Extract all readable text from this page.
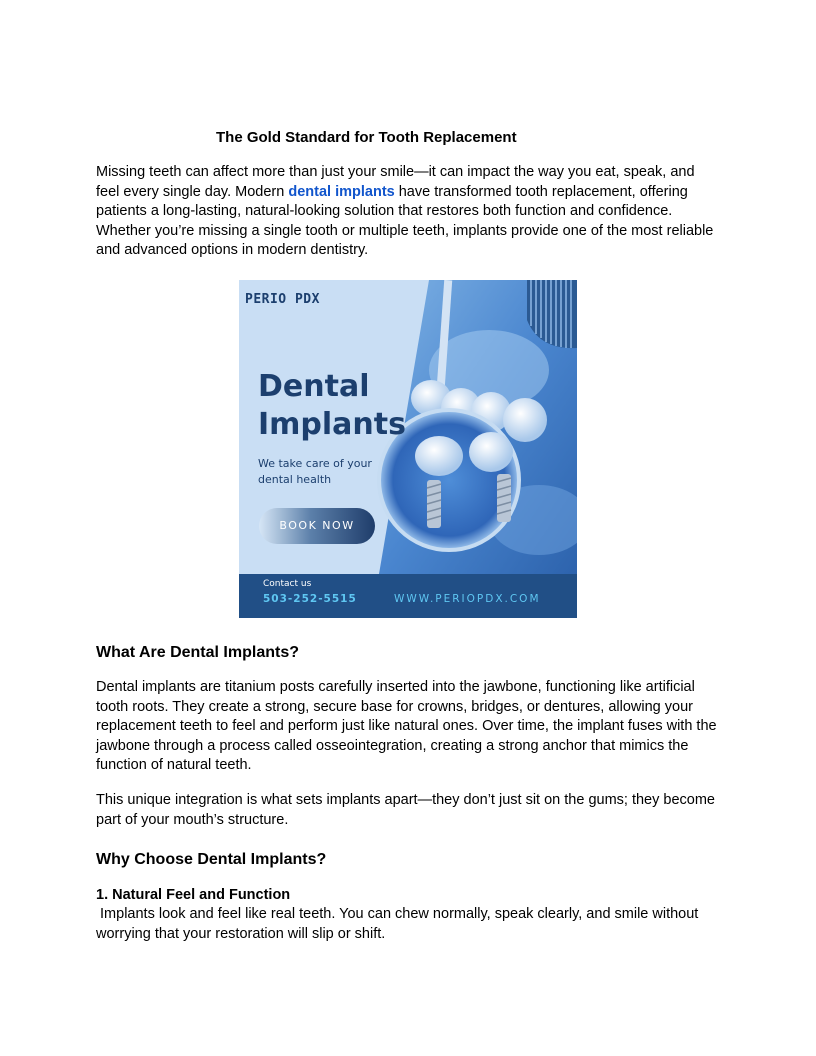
The Gold Standard for Tooth Replacement

Missing teeth can affect more than just your smile—it can impact the way you eat, speak, and feel every single day. Modern dental implants have transformed tooth replacement, offering patients a long-lasting, natural-looking solution that restores both function and confidence. Whether you’re missing a single tooth or multiple teeth, implants provide one of the most reliable and advanced options in modern dentistry.

What Are Dental Implants?

Dental implants are titanium posts carefully inserted into the jawbone, functioning like artificial tooth roots. They create a strong, secure base for crowns, bridges, or dentures, allowing your replacement teeth to feel and perform just like natural ones. Over time, the implant fuses with the jawbone through a process called osseointegration, creating a strong anchor that mimics the function of natural teeth.

This unique integration is what sets implants apart—they don’t just sit on the gums; they become part of your mouth’s structure.

Why Choose Dental Implants?
1. Natural Feel and Function

Implants look and feel like real teeth. You can chew normally, speak clearly, and smile without worrying that your restoration will slip or shift.

PERIO PDX
Dental
Implants
We take care of your dental health
BOOK NOW
Contact us
503-252-5515	WWW.PERIOPDX.COM
